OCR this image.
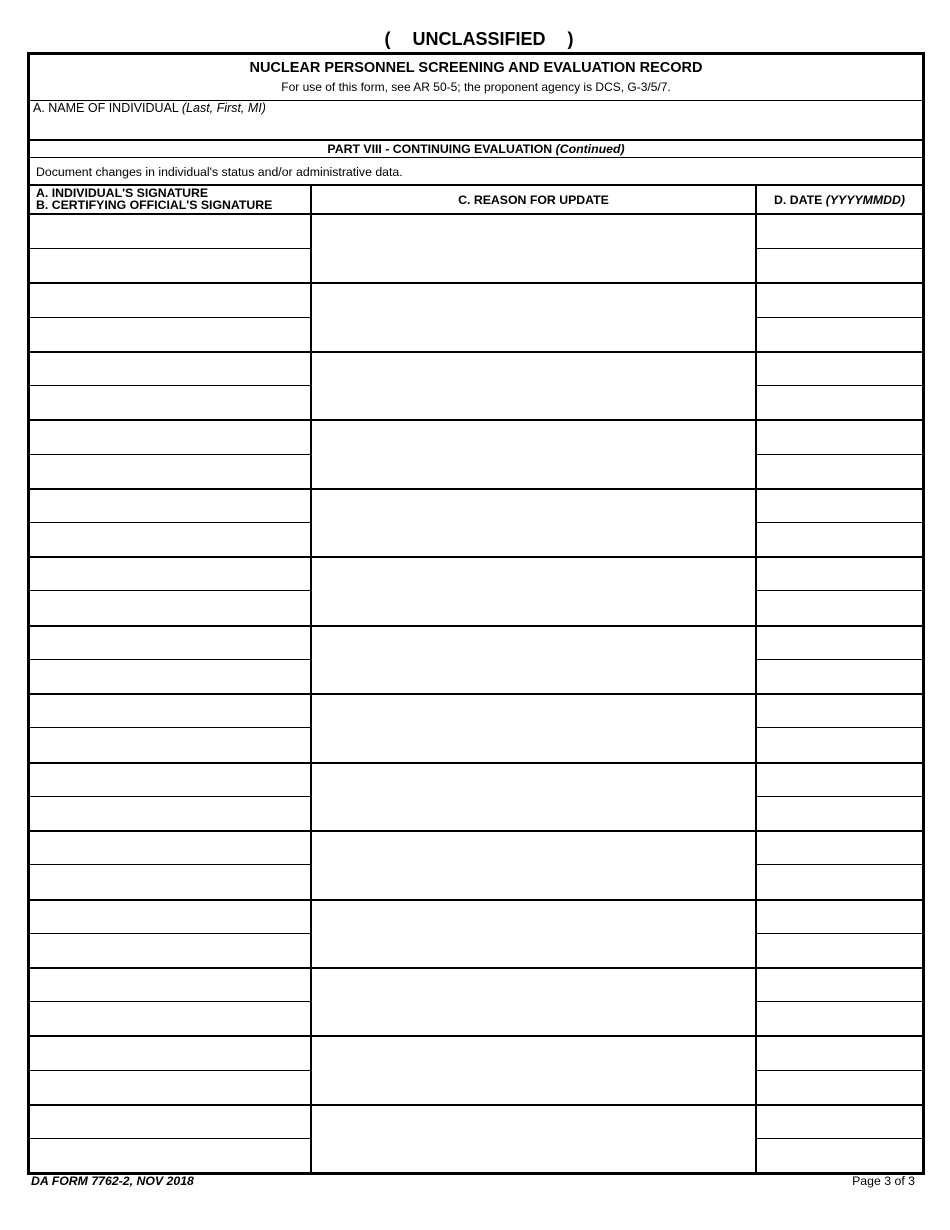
( UNCLASSIFIED )
NUCLEAR PERSONNEL SCREENING AND EVALUATION RECORD
For use of this form, see AR 50-5; the proponent agency is DCS, G-3/5/7.
A. NAME OF INDIVIDUAL (Last, First, MI)
PART VIII - CONTINUING EVALUATION (Continued)
Document changes in individual's status and/or administrative data.
A. INDIVIDUAL'S SIGNATURE
B. CERTIFYING OFFICIAL'S SIGNATURE	C. REASON FOR UPDATE	D. DATE (YYYYMMDD)
DA FORM 7762-2, NOV 2018	Page 3 of 3
